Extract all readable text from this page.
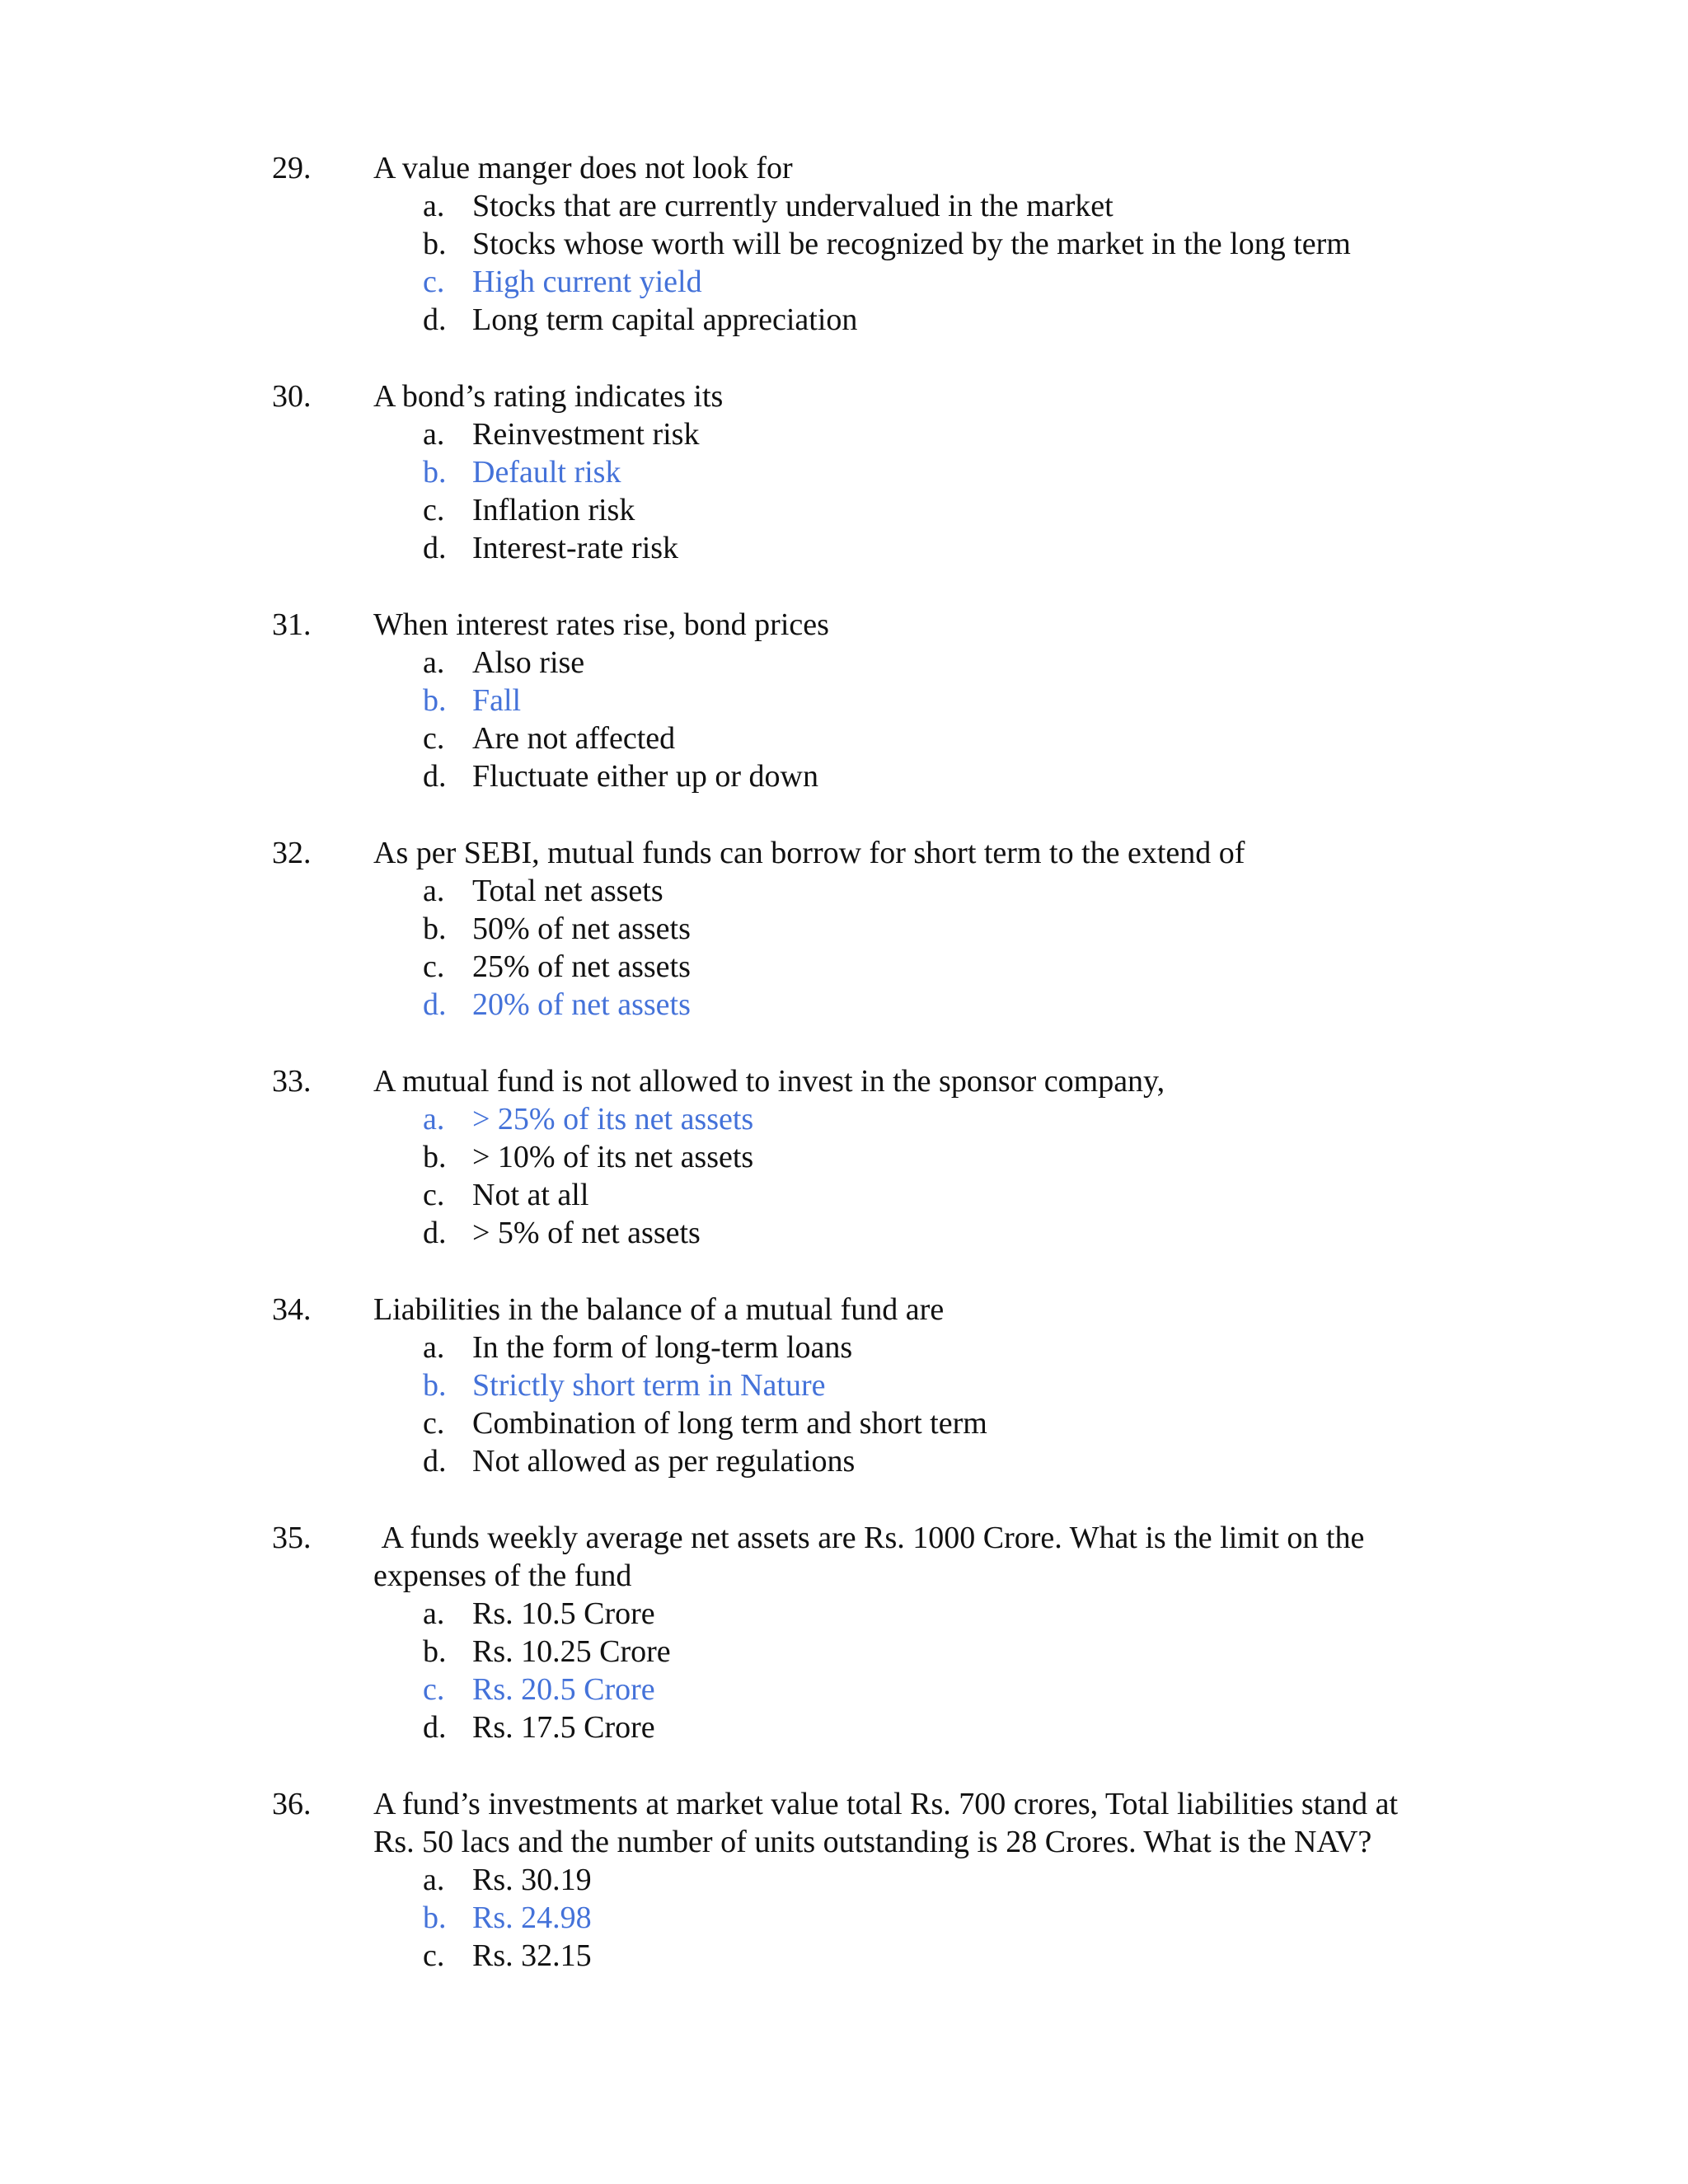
29. A value manger does not look for
a. Stocks that are currently undervalued in the market
b. Stocks whose worth will be recognized by the market in the long term
c. High current yield
d. Long term capital appreciation
30. A bond’s rating indicates its
a. Reinvestment risk
b. Default risk
c. Inflation risk
d. Interest-rate risk
31. When interest rates rise, bond prices
a. Also rise
b. Fall
c. Are not affected
d. Fluctuate either up or down
32. As per SEBI, mutual funds can borrow for short term to the extend of
a. Total net assets
b. 50% of net assets
c. 25% of net assets
d. 20% of net assets
33. A mutual fund is not allowed to invest in the sponsor company,
a. > 25% of its net assets
b. > 10% of its net assets
c. Not at all
d. > 5% of net assets
34. Liabilities in the balance of a mutual fund are
a. In the form of long-term loans
b. Strictly short term in Nature
c. Combination of long term and short term
d. Not allowed as per regulations
35. A funds weekly average net assets are Rs. 1000 Crore. What is the limit on the expenses of the fund
a. Rs. 10.5 Crore
b. Rs. 10.25 Crore
c. Rs. 20.5 Crore
d. Rs. 17.5 Crore
36. A fund’s investments at market value total Rs. 700 crores, Total liabilities stand at Rs. 50 lacs and the number of units outstanding is 28 Crores. What is the NAV?
a. Rs. 30.19
b. Rs. 24.98
c. Rs. 32.15
